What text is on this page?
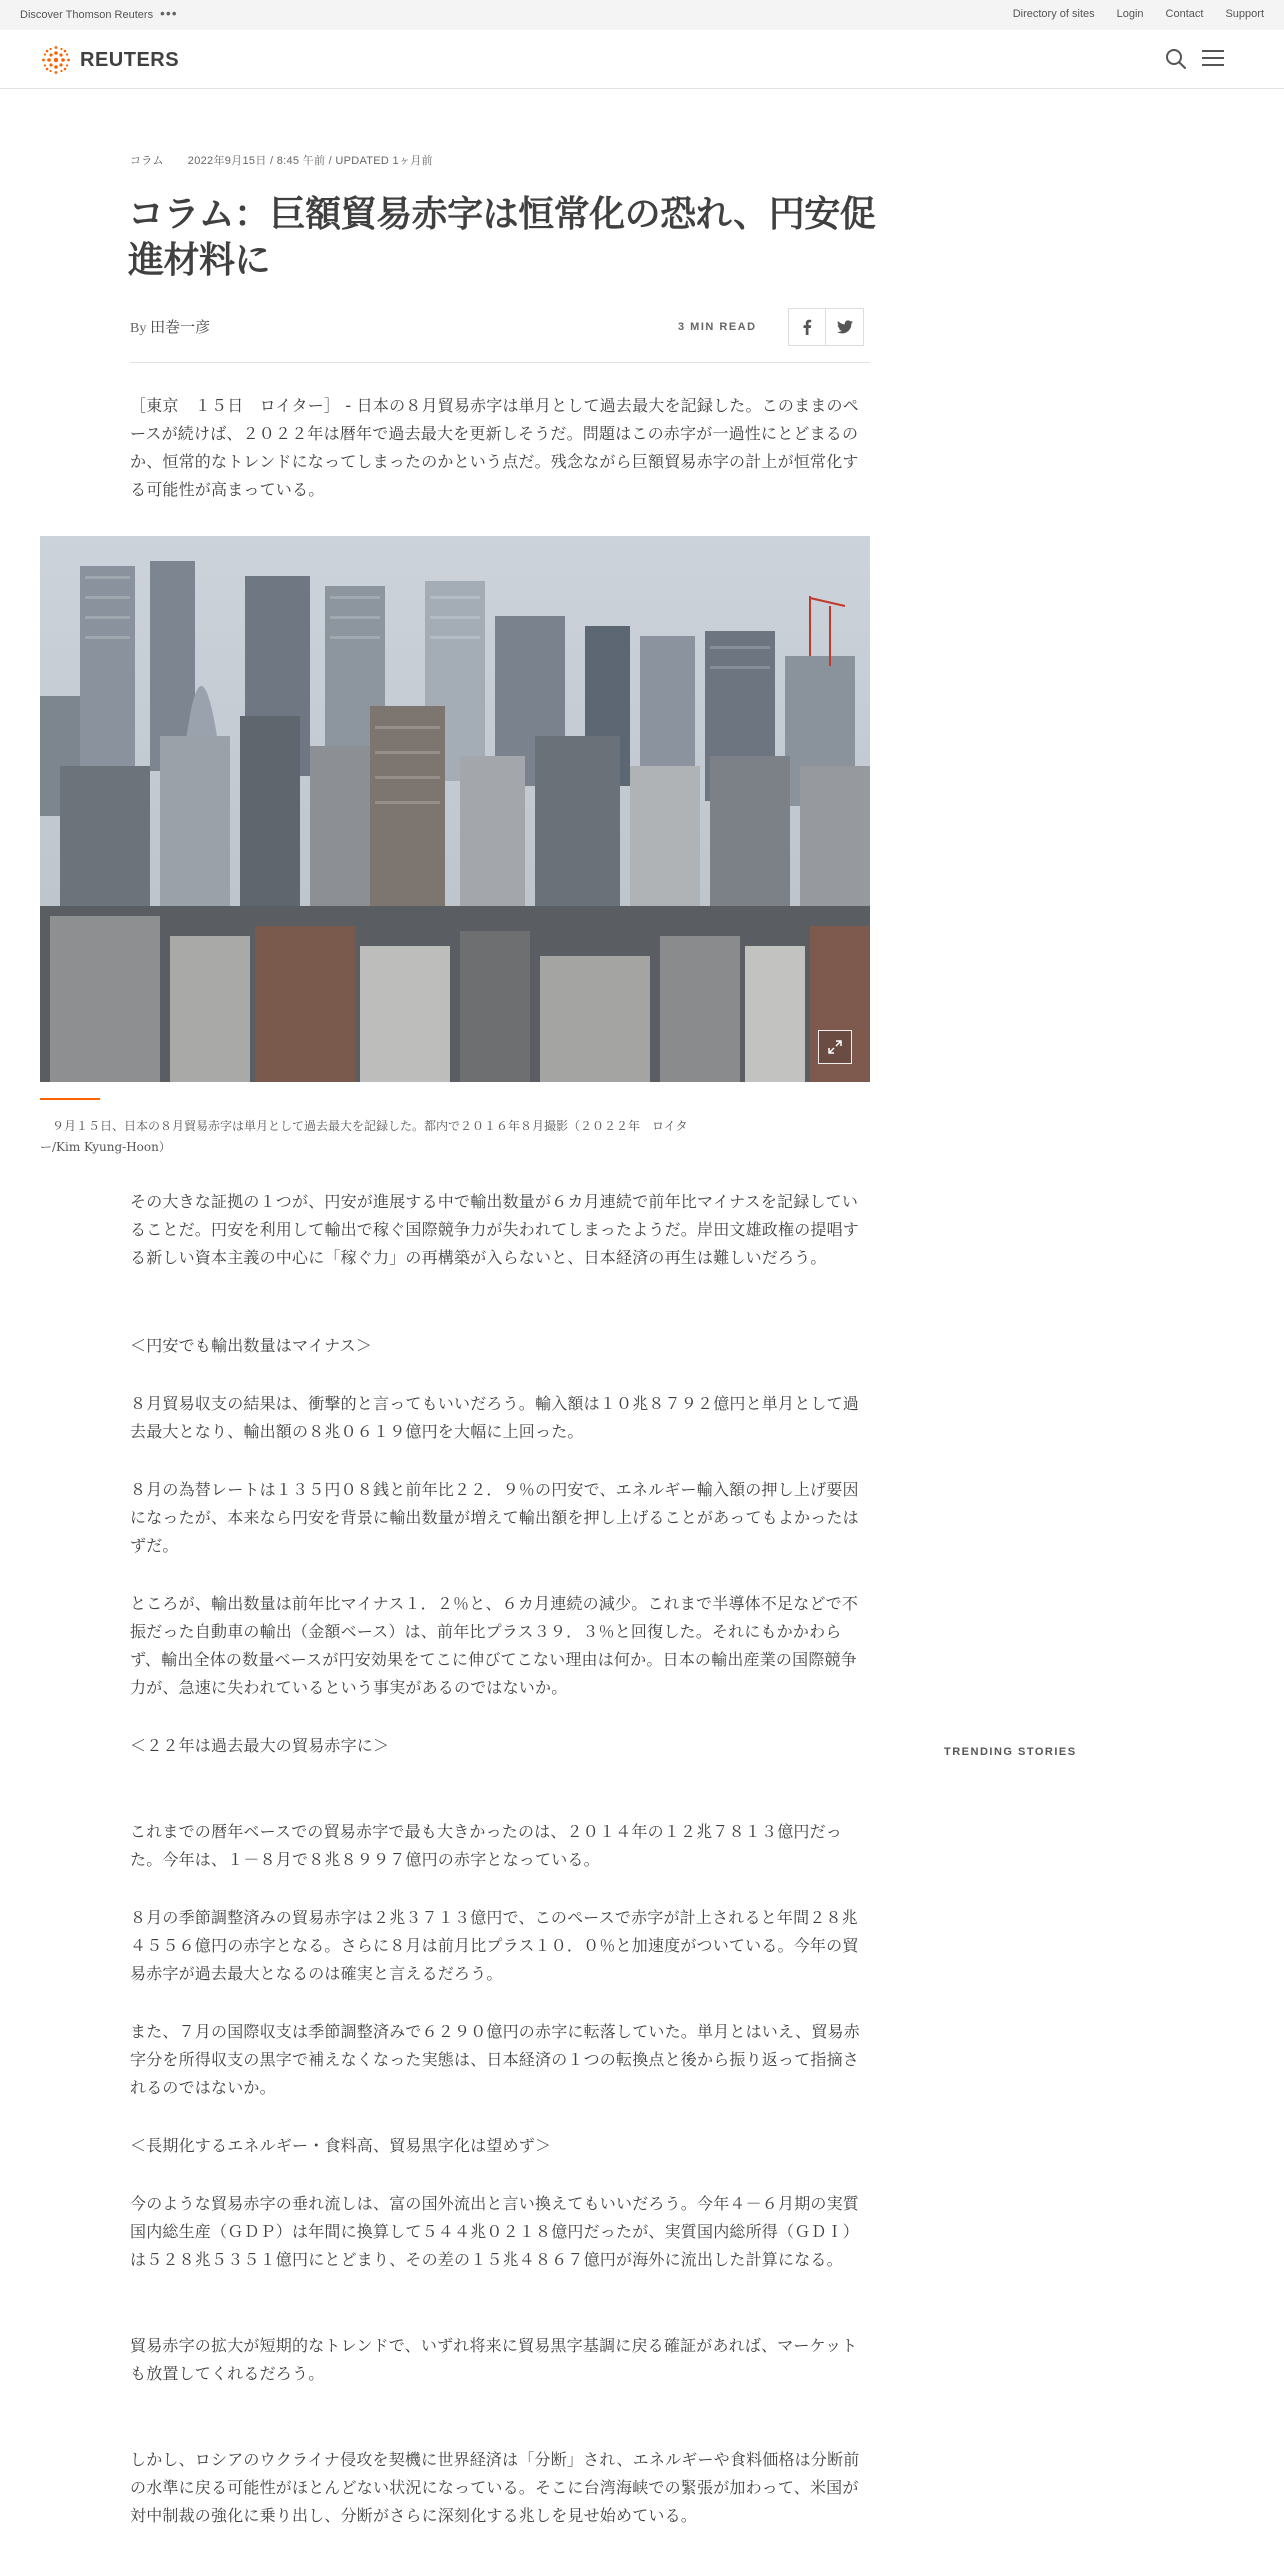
Discover Thomson Reuters •••	Directory of sites Login Contact Support
REUTERS
コラム 2022年9月15日 / 8:45 午前 / UPDATED 1ヶ月前
コラム：巨額貿易赤字は恒常化の恐れ、円安促進材料に
By 田巻一彦	3 MIN READ

［東京　１５日　ロイター］ - 日本の８月貿易赤字は単月として過去最大を記録した。このままのペースが続けば、２０２２年は暦年で過去最大を更新しそうだ。問題はこの赤字が一過性にとどまるのか、恒常的なトレンドになってしまったのかという点だ。残念ながら巨額貿易赤字の計上が恒常化する可能性が高まっている。

　９月１５日、日本の８月貿易赤字は単月として過去最大を記録した。都内で２０１６年８月撮影（２０２２年　ロイター/Kim Kyung-Hoon）

その大きな証拠の１つが、円安が進展する中で輸出数量が６カ月連続で前年比マイナスを記録していることだ。円安を利用して輸出で稼ぐ国際競争力が失われてしまったようだ。岸田文雄政権の提唱する新しい資本主義の中心に「稼ぐ力」の再構築が入らないと、日本経済の再生は難しいだろう。

＜円安でも輸出数量はマイナス＞

８月貿易収支の結果は、衝撃的と言ってもいいだろう。輸入額は１０兆８７９２億円と単月として過去最大となり、輸出額の８兆０６１９億円を大幅に上回った。

８月の為替レートは１３５円０８銭と前年比２２．９％の円安で、エネルギー輸入額の押し上げ要因になったが、本来なら円安を背景に輸出数量が増えて輸出額を押し上げることがあってもよかったはずだ。

ところが、輸出数量は前年比マイナス１．２％と、６カ月連続の減少。これまで半導体不足などで不振だった自動車の輸出（金額ベース）は、前年比プラス３９．３％と回復した。それにもかかわらず、輸出全体の数量ベースが円安効果をてこに伸びてこない理由は何か。日本の輸出産業の国際競争力が、急速に失われているという事実があるのではないか。

＜２２年は過去最大の貿易赤字に＞

これまでの暦年ベースでの貿易赤字で最も大きかったのは、２０１４年の１２兆７８１３億円だった。今年は、１－８月で８兆８９９７億円の赤字となっている。

８月の季節調整済みの貿易赤字は２兆３７１３億円で、このペースで赤字が計上されると年間２８兆４５５６億円の赤字となる。さらに８月は前月比プラス１０．０％と加速度がついている。今年の貿易赤字が過去最大となるのは確実と言えるだろう。

また、７月の国際収支は季節調整済みで６２９０億円の赤字に転落していた。単月とはいえ、貿易赤字分を所得収支の黒字で補えなくなった実態は、日本経済の１つの転換点と後から振り返って指摘されるのではないか。

＜長期化するエネルギー・食料高、貿易黒字化は望めず＞

今のような貿易赤字の垂れ流しは、富の国外流出と言い換えてもいいだろう。今年４－６月期の実質国内総生産（ＧＤＰ）は年間に換算して５４４兆０２１８億円だったが、実質国内総所得（ＧＤＩ）は５２８兆５３５１億円にとどまり、その差の１５兆４８６７億円が海外に流出した計算になる。

貿易赤字の拡大が短期的なトレンドで、いずれ将来に貿易黒字基調に戻る確証があれば、マーケットも放置してくれるだろう。

しかし、ロシアのウクライナ侵攻を契機に世界経済は「分断」され、エネルギーや食料価格は分断前の水準に戻る可能性がほとんどない状況になっている。そこに台湾海峡での緊張が加わって、米国が対中制裁の強化に乗り出し、分断がさらに深刻化する兆しを見せ始めている。

TRENDING STORIES
